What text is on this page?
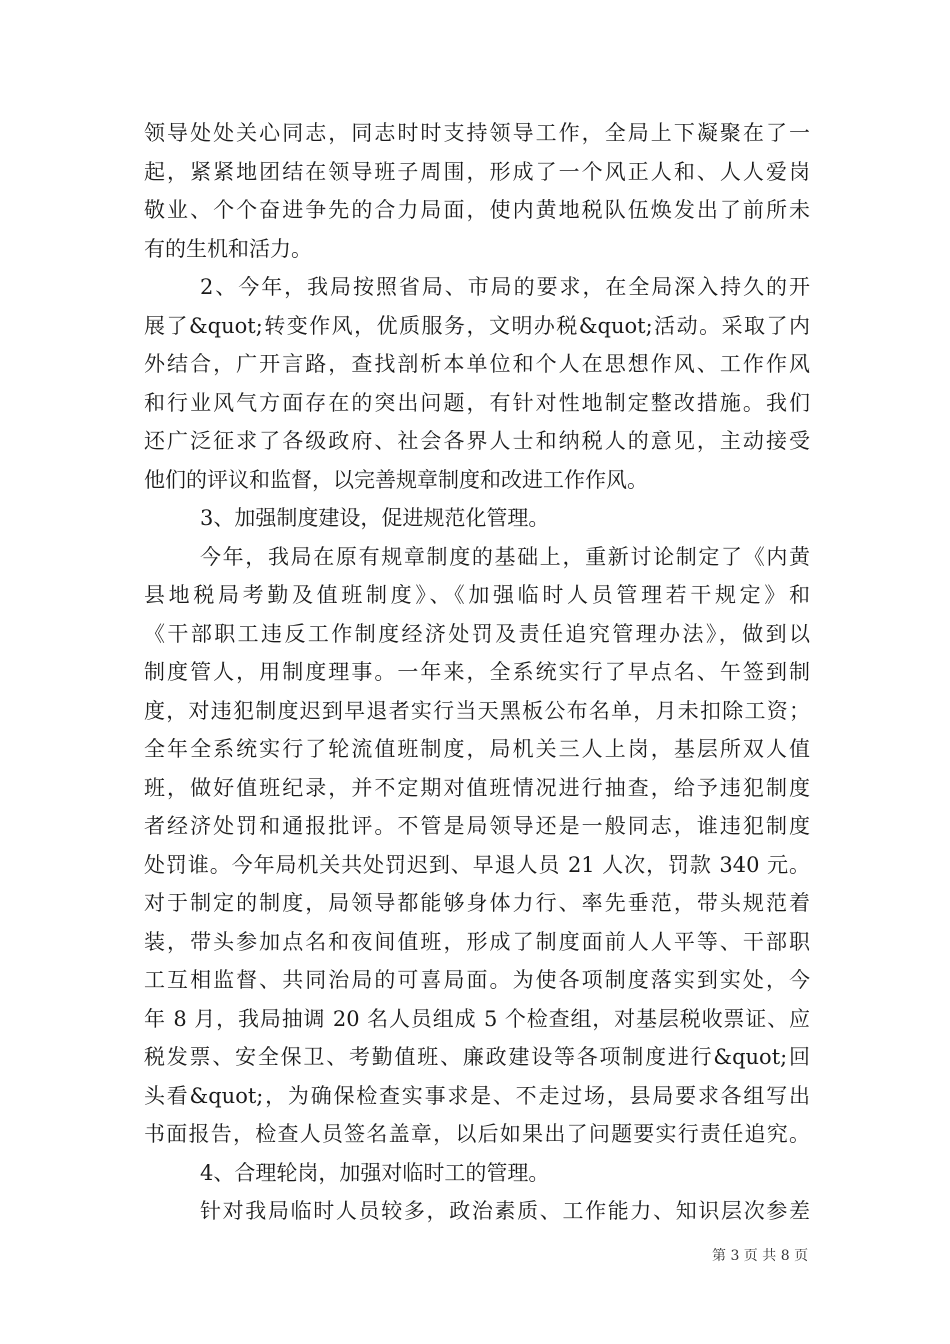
领导处处关心同志，同志时时支持领导工作，全局上下凝聚在了一
起，紧紧地团结在领导班子周围，形成了一个风正人和、人人爱岗
敬业、个个奋进争先的合力局面，使内黄地税队伍焕发出了前所未
有的生机和活力。
2、今年，我局按照省局、市局的要求，在全局深入持久的开
展了&quot;转变作风，优质服务，文明办税&quot;活动。采取了内
外结合，广开言路，查找剖析本单位和个人在思想作风、工作作风
和行业风气方面存在的突出问题，有针对性地制定整改措施。我们
还广泛征求了各级政府、社会各界人士和纳税人的意见，主动接受
他们的评议和监督，以完善规章制度和改进工作作风。
3、加强制度建设，促进规范化管理。
今年，我局在原有规章制度的基础上，重新讨论制定了《内黄
县地税局考勤及值班制度》、《加强临时人员管理若干规定》和
《干部职工违反工作制度经济处罚及责任追究管理办法》，做到以
制度管人，用制度理事。一年来，全系统实行了早点名、午签到制
度，对违犯制度迟到早退者实行当天黑板公布名单，月未扣除工资；
全年全系统实行了轮流值班制度，局机关三人上岗，基层所双人值
班，做好值班纪录，并不定期对值班情况进行抽查，给予违犯制度
者经济处罚和通报批评。不管是局领导还是一般同志，谁违犯制度
处罚谁。今年局机关共处罚迟到、早退人员 21 人次，罚款 340 元。
对于制定的制度，局领导都能够身体力行、率先垂范，带头规范着
装，带头参加点名和夜间值班，形成了制度面前人人平等、干部职
工互相监督、共同治局的可喜局面。为使各项制度落实到实处，今
年 8 月，我局抽调 20 名人员组成 5 个检查组，对基层税收票证、应
税发票、安全保卫、考勤值班、廉政建设等各项制度进行&quot;回
头看&quot;，为确保检查实事求是、不走过场，县局要求各组写出
书面报告，检查人员签名盖章，以后如果出了问题要实行责任追究。
4、合理轮岗，加强对临时工的管理。
针对我局临时人员较多，政治素质、工作能力、知识层次参差
第 3 页 共 8 页
